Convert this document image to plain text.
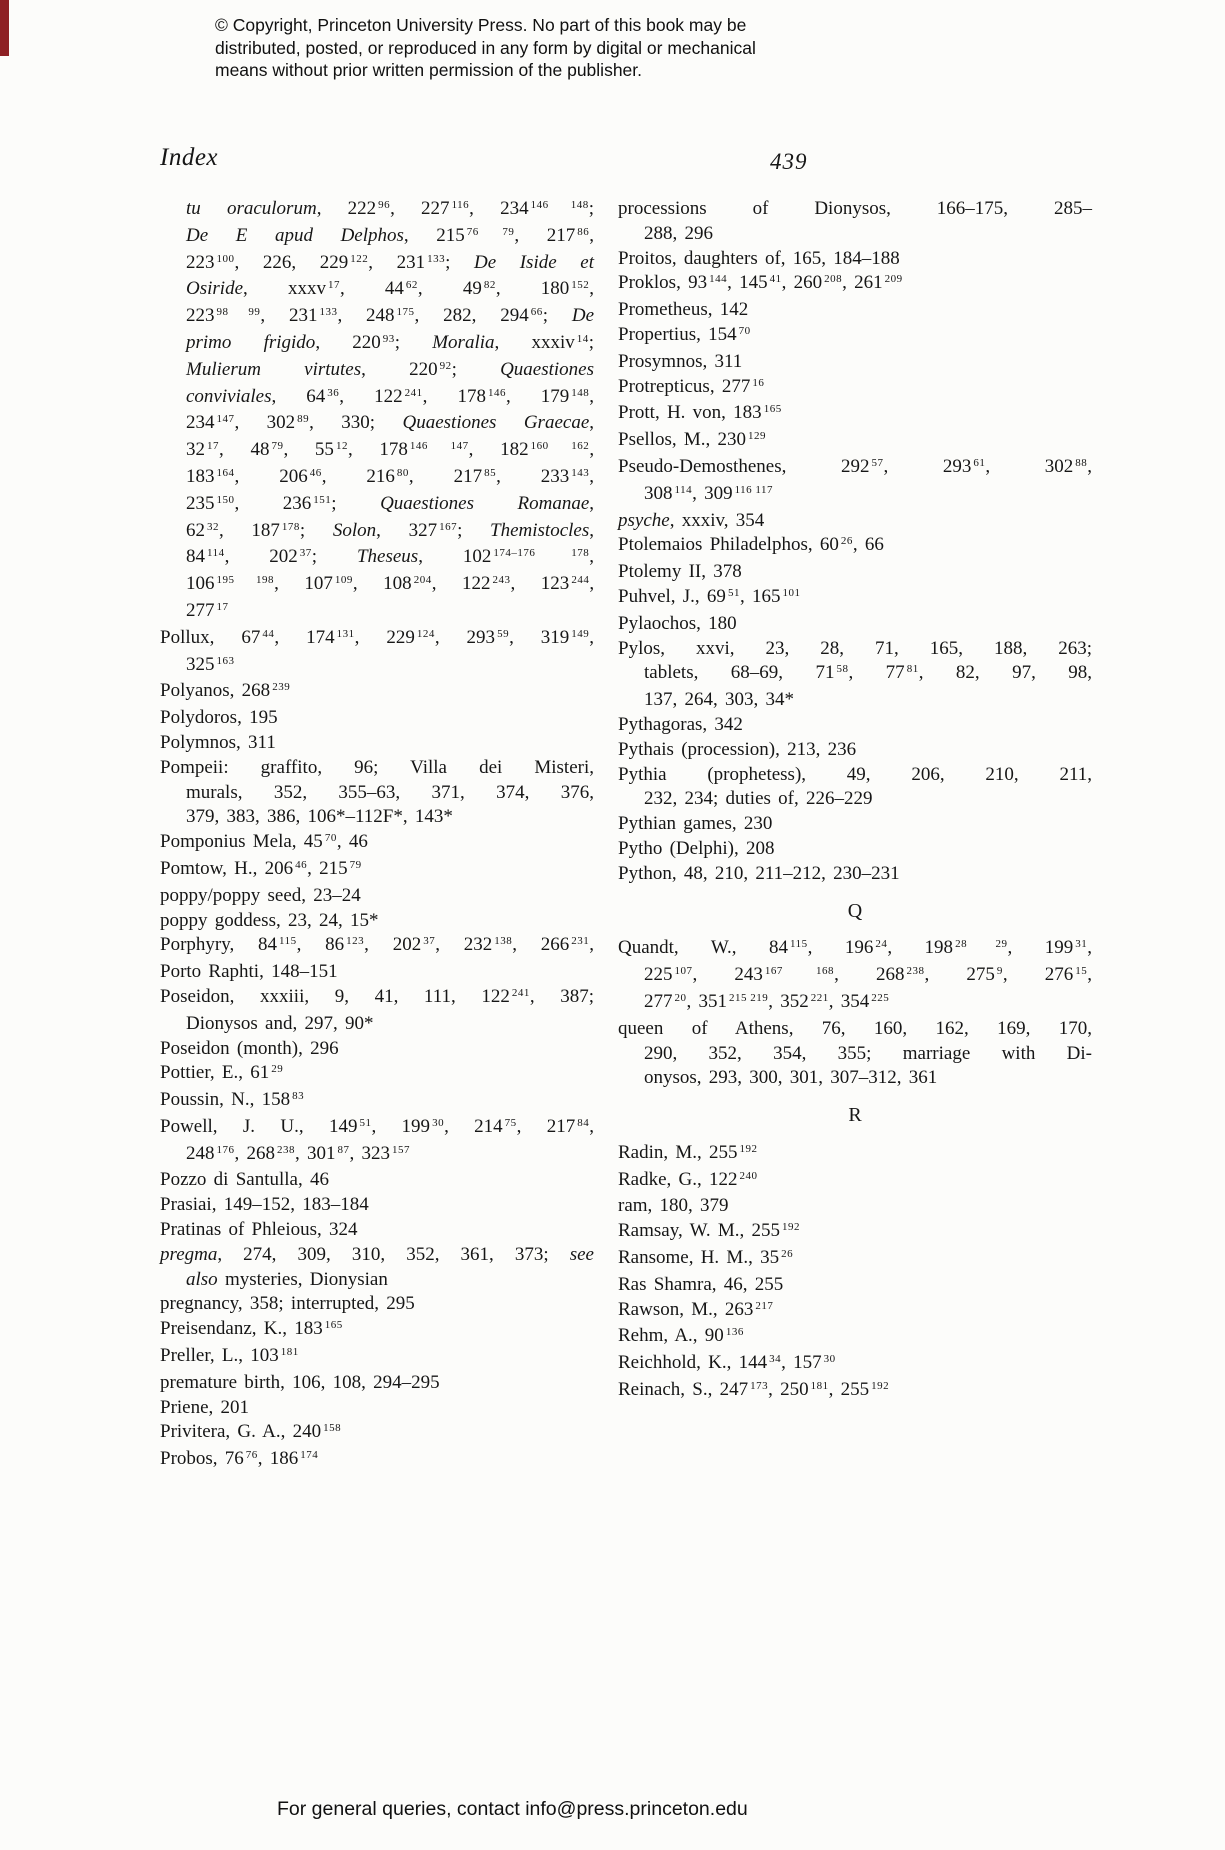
© Copyright, Princeton University Press. No part of this book may be
distributed, posted, or reproduced in any form by digital or mechanical
means without prior written permission of the publisher.
Index	439
tu oraculorum, 222 $^{96}$, 227 $^{116}$, 234 $^{146 148}$;
De E apud Delphos, 215 $^{76 79}$, 217 $^{86}$,
223 $^{100}$, 226, 229 $^{122}$, 231 $^{133}$; De Iside et
Osiride, xxxv $^{17}$, 44 $^{62}$, 49 $^{82}$, 180 $^{152}$,
223 $^{98 99}$, 231 $^{133}$, 248 $^{175}$, 282, 294 $^{66}$; De
primo frigido, 220 $^{93}$; Moralia, xxxiv $^{14}$;
Mulierum virtutes, 220 $^{92}$; Quaestiones
conviviales, 64 $^{36}$, 122 $^{241}$, 178 $^{146}$, 179 $^{148}$,
234 $^{147}$, 302 $^{89}$, 330; Quaestiones Graecae,
32 $^{17}$, 48 $^{79}$, 55 $^{12}$, 178 $^{146 147}$, 182 $^{160 162}$,
183 $^{164}$, 206 $^{46}$, 216 $^{80}$, 217 $^{85}$, 233 $^{143}$,
235 $^{150}$, 236 $^{151}$; Quaestiones Romanae,
62 $^{32}$, 187 $^{178}$; Solon, 327 $^{167}$; Themistocles,
84 $^{114}$, 202 $^{37}$; Theseus, 102 $^{174-176 178}$,
106 $^{195 198}$, 107 $^{109}$, 108 $^{204}$, 122 $^{243}$, 123 $^{244}$,
277 $^{17}$
Pollux, 67 $^{44}$, 174 $^{131}$, 229 $^{124}$, 293 $^{59}$, 319 $^{149}$,
325 $^{163}$
Polyanos, 268 $^{239}$
Polydoros, 195
Polymnos, 311
Pompeii: graffito, 96; Villa dei Misteri,
murals, 352, 355–63, 371, 374, 376,
379, 383, 386, 106*–112F*, 143*
Pomponius Mela, 45 $^{70}$, 46
Pomtow, H., 206 $^{46}$, 215 $^{79}$
poppy/poppy seed, 23–24
poppy goddess, 23, 24, 15*
Porphyry, 84 $^{115}$, 86 $^{123}$, 202 $^{37}$, 232 $^{138}$, 266 $^{231}$,
Porto Raphti, 148–151
Poseidon, xxxiii, 9, 41, 111, 122 $^{241}$, 387;
Dionysos and, 297, 90*
Poseidon (month), 296
Pottier, E., 61 $^{29}$
Poussin, N., 158 $^{83}$
Powell, J. U., 149 $^{51}$, 199 $^{30}$, 214 $^{75}$, 217 $^{84}$,
248 $^{176}$, 268 $^{238}$, 301 $^{87}$, 323 $^{157}$
Pozzo di Santulla, 46
Prasiai, 149–152, 183–184
Pratinas of Phleious, 324
pregma, 274, 309, 310, 352, 361, 373; see
also mysteries, Dionysian
pregnancy, 358; interrupted, 295
Preisendanz, K., 183 $^{165}$
Preller, L., 103 $^{181}$
premature birth, 106, 108, 294–295
Priene, 201
Privitera, G. A., 240 $^{158}$
Probos, 76 $^{76}$, 186 $^{174}$
processions of Dionysos, 166–175, 285–
288, 296
Proitos, daughters of, 165, 184–188
Proklos, 93 $^{144}$, 145 $^{41}$, 260 $^{208}$, 261 $^{209}$
Prometheus, 142
Propertius, 154 $^{70}$
Prosymnos, 311
Protrepticus, 277 $^{16}$
Prott, H. von, 183 $^{165}$
Psellos, M., 230 $^{129}$
Pseudo-Demosthenes, 292 $^{57}$, 293 $^{61}$, 302 $^{88}$,
308 $^{114}$, 309 $^{116 117}$
psyche, xxxiv, 354
Ptolemaios Philadelphos, 60 $^{26}$, 66
Ptolemy II, 378
Puhvel, J., 69 $^{51}$, 165 $^{101}$
Pylaochos, 180
Pylos, xxvi, 23, 28, 71, 165, 188, 263;
tablets, 68–69, 71 $^{58}$, 77 $^{81}$, 82, 97, 98,
137, 264, 303, 34*
Pythagoras, 342
Pythais (procession), 213, 236
Pythia (prophetess), 49, 206, 210, 211,
232, 234; duties of, 226–229
Pythian games, 230
Pytho (Delphi), 208
Python, 48, 210, 211–212, 230–231
Q
Quandt, W., 84 $^{115}$, 196 $^{24}$, 198 $^{28 29}$, 199 $^{31}$,
225 $^{107}$, 243 $^{167 168}$, 268 $^{238}$, 275 $^9$, 276 $^{15}$,
277 $^{20}$, 351 $^{215 219}$, 352 $^{221}$, 354 $^{225}$
queen of Athens, 76, 160, 162, 169, 170,
290, 352, 354, 355; marriage with Di-
onysos, 293, 300, 301, 307–312, 361
R
Radin, M., 255 $^{192}$
Radke, G., 122 $^{240}$
ram, 180, 379
Ramsay, W. M., 255 $^{192}$
Ransome, H. M., 35 $^{26}$
Ras Shamra, 46, 255
Rawson, M., 263 $^{217}$
Rehm, A., 90 $^{136}$
Reichhold, K., 144 $^{34}$, 157 $^{30}$
Reinach, S., 247 $^{173}$, 250 $^{181}$, 255 $^{192}$
For general queries, contact info@press.princeton.edu
